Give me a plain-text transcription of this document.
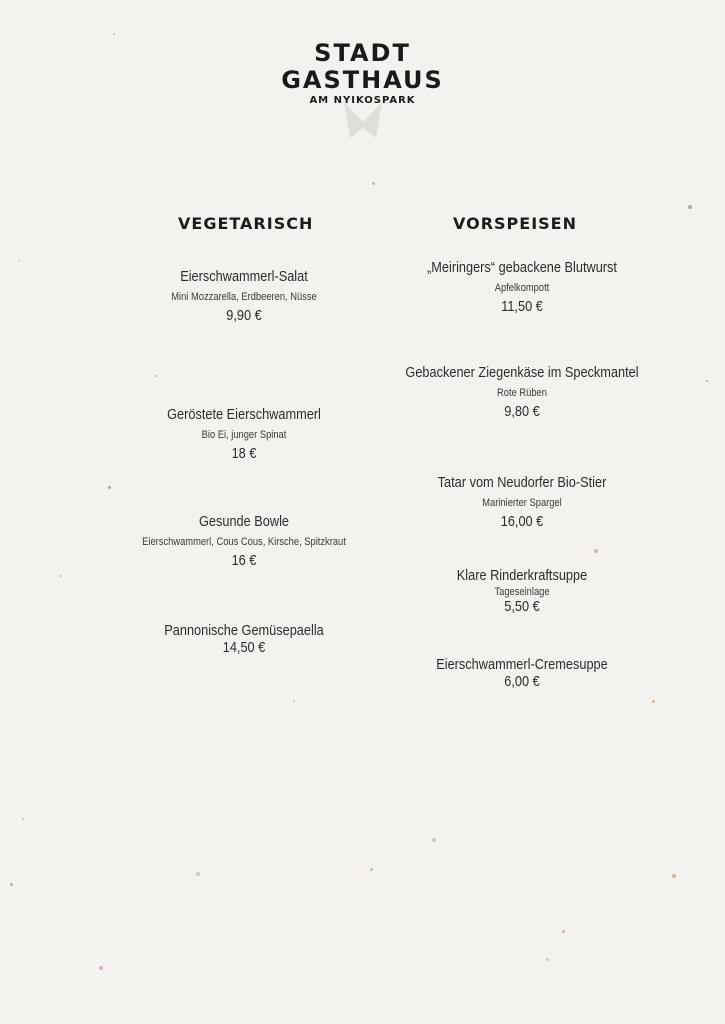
STADT
GASTHAUS
AM NYIKOSPARK
VEGETARISCH	VORSPEISEN
Eierschwammerl-Salat
Mini Mozzarella, Erdbeeren, Nüsse
9,90 €
Geröstete Eierschwammerl
Bio Ei, junger Spinat
18 €
Gesunde Bowle
Eierschwammerl, Cous Cous, Kirsche, Spitzkraut
16 €
Pannonische Gemüsepaella
14,50 €
„Meiringers“ gebackene Blutwurst
Apfelkompott
11,50 €
Gebackener Ziegenkäse im Speckmantel
Rote Rüben
9,80 €
Tatar vom Neudorfer Bio-Stier
Marinierter Spargel
16,00 €
Klare Rinderkraftsuppe
Tageseinlage
5,50 €
Eierschwammerl-Cremesuppe
6,00 €
